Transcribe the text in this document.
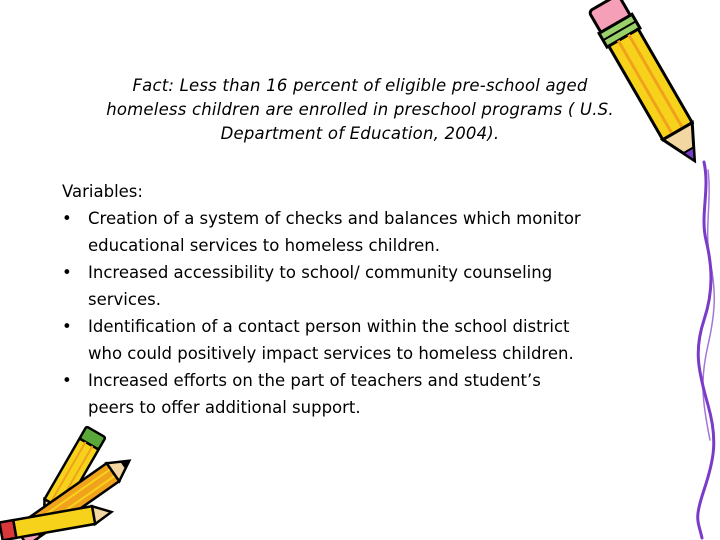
Fact: Less than 16 percent of eligible pre-school aged
homeless children are enrolled in preschool programs ( U.S.
Department of Education, 2004).
Variables:
• Creation of a system of checks and balances which monitor
educational services to homeless children.
• Increased accessibility to school/ community counseling
services.
• Identification of a contact person within the school district
who could positively impact services to homeless children.
• Increased efforts on the part of teachers and student’s
peers to offer additional support.
